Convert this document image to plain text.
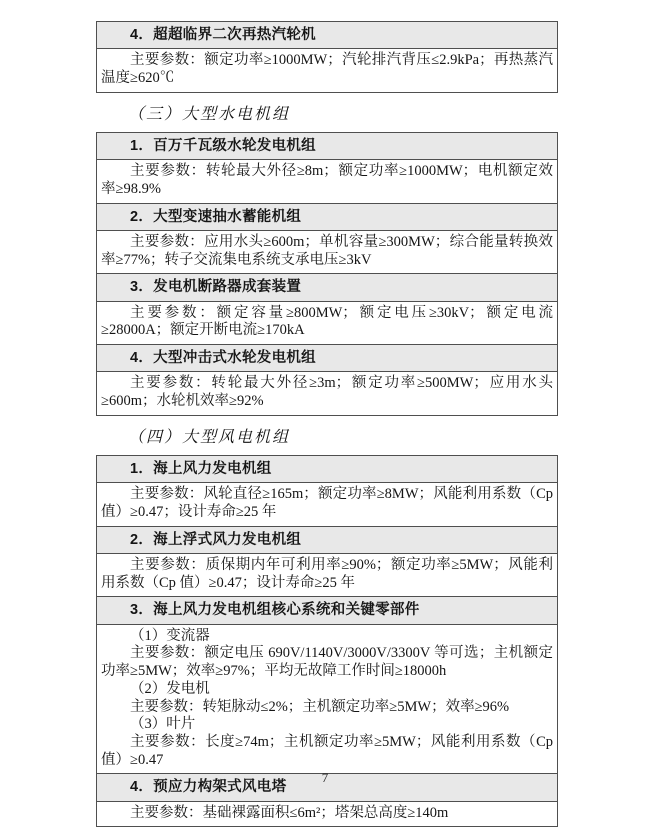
4．超超临界二次再热汽轮机

主要参数：额定功率≥1000MW；汽轮排汽背压≤2.9kPa；再热蒸汽温度≥620℃

（三）大型水电机组
1．百万千瓦级水轮发电机组

主要参数：转轮最大外径≥8m；额定功率≥1000MW；电机额定效率≥98.9%

2．大型变速抽水蓄能机组

主要参数：应用水头≥600m；单机容量≥300MW；综合能量转换效率≥77%；转子交流集电系统支承电压≥3kV

3．发电机断路器成套装置

主要参数：额定容量≥800MW；额定电压≥30kV；额定电流≥28000A；额定开断电流≥170kA

4．大型冲击式水轮发电机组

主要参数：转轮最大外径≥3m；额定功率≥500MW；应用水头≥600m；水轮机效率≥92%

（四）大型风电机组
1．海上风力发电机组

主要参数：风轮直径≥165m；额定功率≥8MW；风能利用系数（Cp 值）≥0.47；设计寿命≥25 年

2．海上浮式风力发电机组

主要参数：质保期内年可利用率≥90%；额定功率≥5MW；风能利用系数（Cp 值）≥0.47；设计寿命≥25 年

3．海上风力发电机组核心系统和关键零部件

（1）变流器

主要参数：额定电压 690V/1140V/3000V/3300V 等可选；主机额定功率≥5MW；效率≥97%；平均无故障工作时间≥18000h

（2）发电机

主要参数：转矩脉动≤2%；主机额定功率≥5MW；效率≥96%

（3）叶片

主要参数：长度≥74m；主机额定功率≥5MW；风能利用系数（Cp 值）≥0.47

4．预应力构架式风电塔

主要参数：基础裸露面积≤6m²；塔架总高度≥140m

7
